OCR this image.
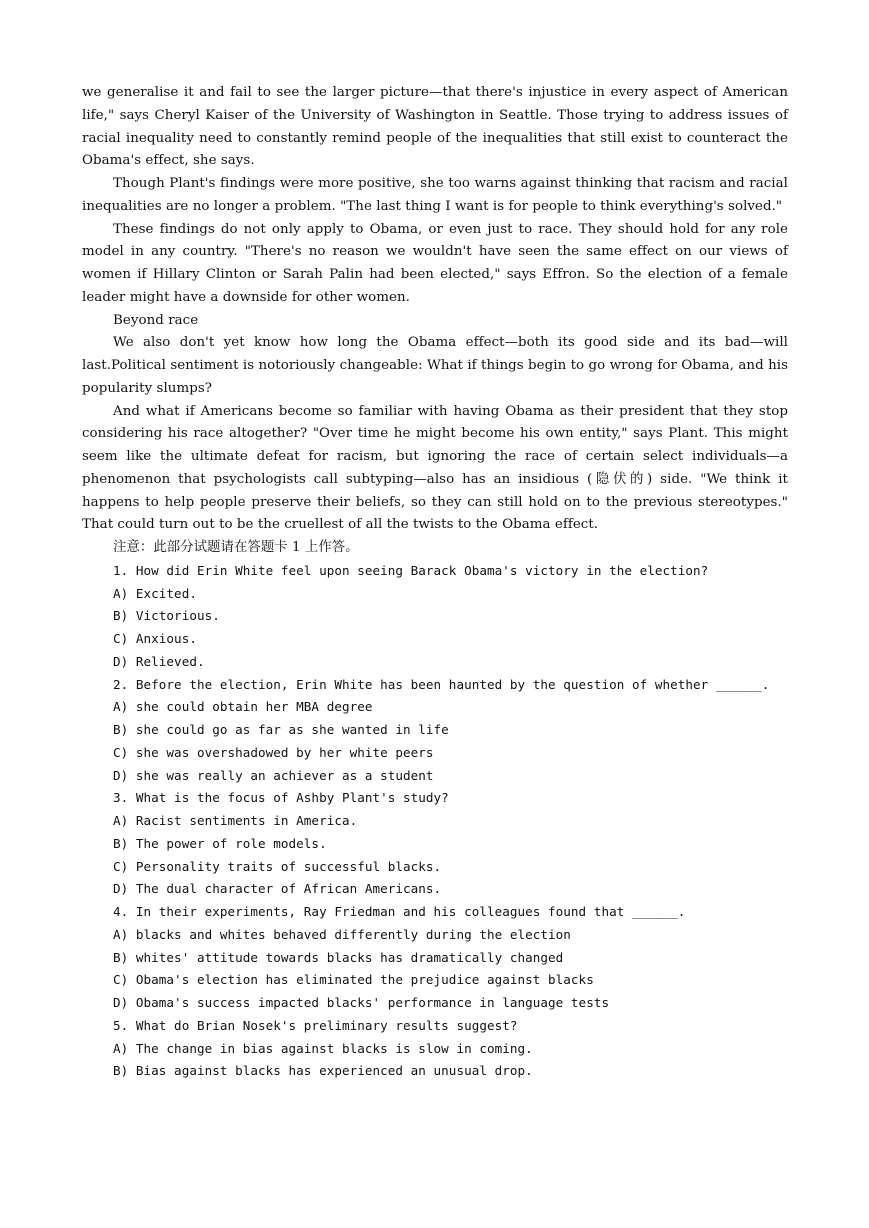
we generalise it and fail to see the larger picture—that there's injustice in every aspect of American life," says Cheryl Kaiser of the University of Washington in Seattle. Those trying to address issues of racial inequality need to constantly remind people of the inequalities that still exist to counteract the Obama's effect, she says.

Though Plant's findings were more positive, she too warns against thinking that racism and racial inequalities are no longer a problem. "The last thing I want is for people to think everything's solved."

These findings do not only apply to Obama, or even just to race. They should hold for any role model in any country. "There's no reason we wouldn't have seen the same effect on our views of women if Hillary Clinton or Sarah Palin had been elected," says Effron. So the election of a female leader might have a downside for other women.

Beyond race

We also don't yet know how long the Obama effect—both its good side and its bad—will last.Political sentiment is notoriously changeable: What if things begin to go wrong for Obama, and his popularity slumps?

And what if Americans become so familiar with having Obama as their president that they stop considering his race altogether? "Over time he might become his own entity," says Plant. This might seem like the ultimate defeat for racism, but ignoring the race of certain select individuals—a phenomenon that psychologists call subtyping—also has an insidious (隐伏的) side. "We think it happens to help people preserve their beliefs, so they can still hold on to the previous stereotypes." That could turn out to be the cruellest of all the twists to the Obama effect.

注意：此部分试题请在答题卡 1 上作答。

1. How did Erin White feel upon seeing Barack Obama's victory in the election?

A) Excited.

B) Victorious.

C) Anxious.

D) Relieved.

2. Before the election, Erin White has been haunted by the question of whether ______.

A) she could obtain her MBA degree

B) she could go as far as she wanted in life

C) she was overshadowed by her white peers

D) she was really an achiever as a student

3. What is the focus of Ashby Plant's study?

A) Racist sentiments in America.

B) The power of role models.

C) Personality traits of successful blacks.

D) The dual character of African Americans.

4. In their experiments, Ray Friedman and his colleagues found that ______.

A) blacks and whites behaved differently during the election

B) whites' attitude towards blacks has dramatically changed

C) Obama's election has eliminated the prejudice against blacks

D) Obama's success impacted blacks' performance in language tests

5. What do Brian Nosek's preliminary results suggest?

A) The change in bias against blacks is slow in coming.

B) Bias against blacks has experienced an unusual drop.
